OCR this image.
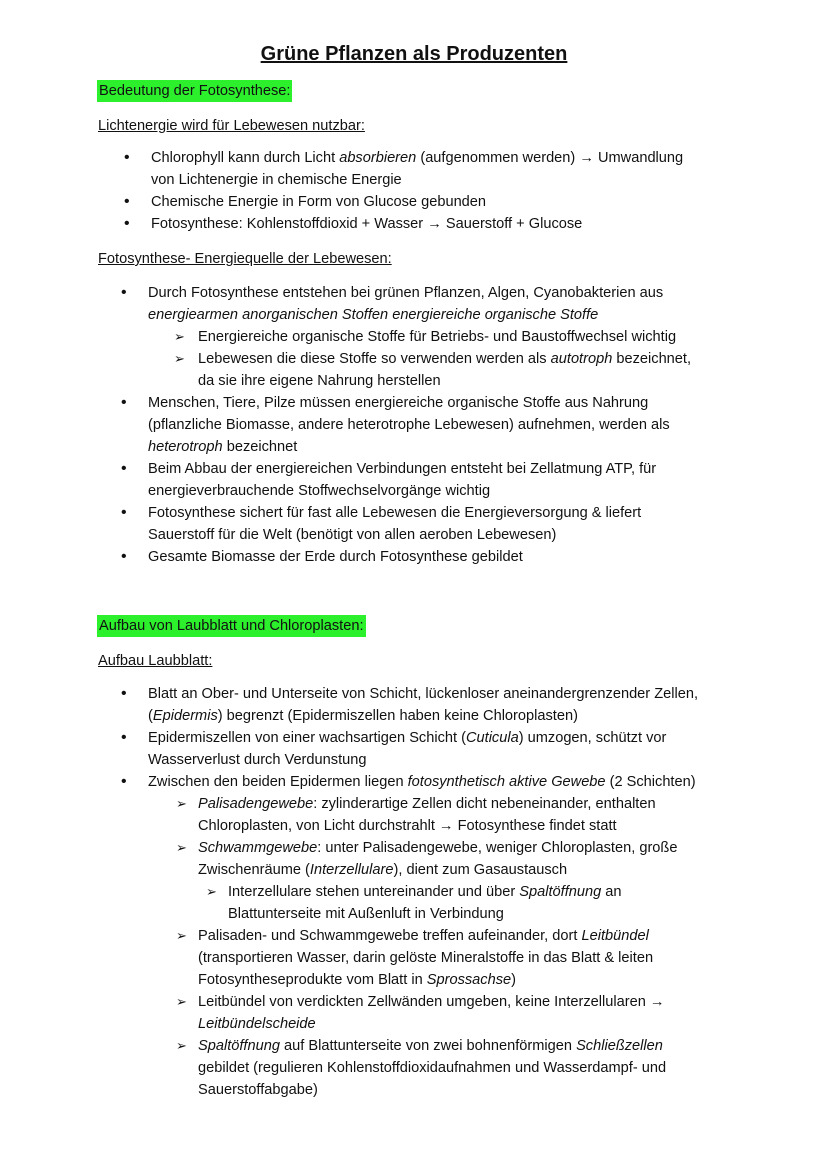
Grüne Pflanzen als Produzenten
Bedeutung der Fotosynthese:
Lichtenergie wird für Lebewesen nutzbar:
• Chlorophyll kann durch Licht absorbieren (aufgenommen werden) → Umwandlung
von Lichtenergie in chemische Energie
• Chemische Energie in Form von Glucose gebunden
• Fotosynthese: Kohlenstoffdioxid + Wasser → Sauerstoff + Glucose
Fotosynthese- Energiequelle der Lebewesen:
• Durch Fotosynthese entstehen bei grünen Pflanzen, Algen, Cyanobakterien aus
energiearmen anorganischen Stoffen energiereiche organische Stoffe
➢ Energiereiche organische Stoffe für Betriebs- und Baustoffwechsel wichtig
➢ Lebewesen die diese Stoffe so verwenden werden als autotroph bezeichnet,
da sie ihre eigene Nahrung herstellen
• Menschen, Tiere, Pilze müssen energiereiche organische Stoffe aus Nahrung
(pflanzliche Biomasse, andere heterotrophe Lebewesen) aufnehmen, werden als
heterotroph bezeichnet
• Beim Abbau der energiereichen Verbindungen entsteht bei Zellatmung ATP, für
energieverbrauchende Stoffwechselvorgänge wichtig
• Fotosynthese sichert für fast alle Lebewesen die Energieversorgung & liefert
Sauerstoff für die Welt (benötigt von allen aeroben Lebewesen)
• Gesamte Biomasse der Erde durch Fotosynthese gebildet
Aufbau von Laubblatt und Chloroplasten:
Aufbau Laubblatt:
• Blatt an Ober- und Unterseite von Schicht, lückenloser aneinandergrenzender Zellen,
(Epidermis) begrenzt (Epidermiszellen haben keine Chloroplasten)
• Epidermiszellen von einer wachsartigen Schicht (Cuticula) umzogen, schützt vor
Wasserverlust durch Verdunstung
• Zwischen den beiden Epidermen liegen fotosynthetisch aktive Gewebe (2 Schichten)
➢ Palisadengewebe: zylinderartige Zellen dicht nebeneinander, enthalten
Chloroplasten, von Licht durchstrahlt → Fotosynthese findet statt
➢ Schwammgewebe: unter Palisadengewebe, weniger Chloroplasten, große
Zwischenräume (Interzellulare), dient zum Gasaustausch
➢ Interzellulare stehen untereinander und über Spaltöffnung an
Blattunterseite mit Außenluft in Verbindung
➢ Palisaden- und Schwammgewebe treffen aufeinander, dort Leitbündel
(transportieren Wasser, darin gelöste Mineralstoffe in das Blatt & leiten
Fotosyntheseprodukte vom Blatt in Sprossachse)
➢ Leitbündel von verdickten Zellwänden umgeben, keine Interzellularen →
Leitbündelscheide
➢ Spaltöffnung auf Blattunterseite von zwei bohnenförmigen Schließzellen
gebildet (regulieren Kohlenstoffdioxidaufnahmen und Wasserdampf- und
Sauerstoffabgabe)
